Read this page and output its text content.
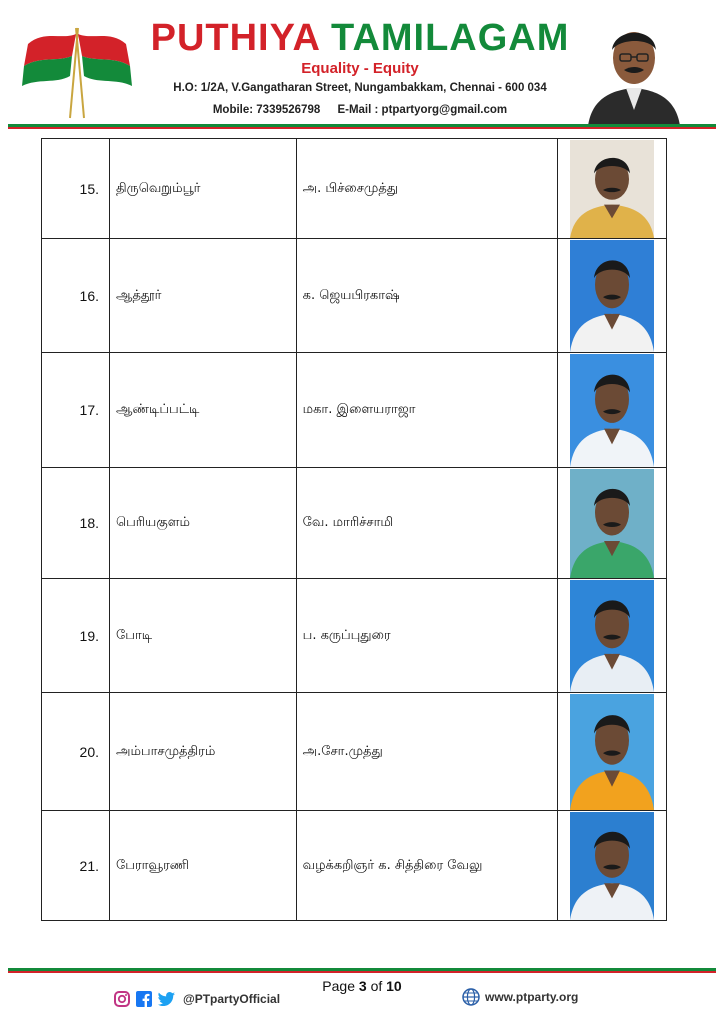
PUTHIYA TAMILAGAM
Equality - Equity
H.O: 1/2A, V.Gangatharan Street, Nungambakkam, Chennai - 600 034
Mobile: 7339526798 E-Mail : ptpartyorg@gmail.com
15.	திருவெறும்பூர்	அ. பிச்சைமுத்து	

16.	ஆத்தூர்	க. ஜெயபிரகாஷ்	

17.	ஆண்டிப்பட்டி	மகா. இளையராஜா	

18.	பெரியகுளம்	வே. மாரிச்சாமி	

19.	போடி	ப. கருப்புதுரை	

20.	அம்பாசமுத்திரம்	அ.சோ.முத்து	

21.	பேராவூரணி	வழக்கறிஞர் க. சித்திரை வேலு	
@PTpartyOfficial
Page 3 of 10
www.ptparty.org
